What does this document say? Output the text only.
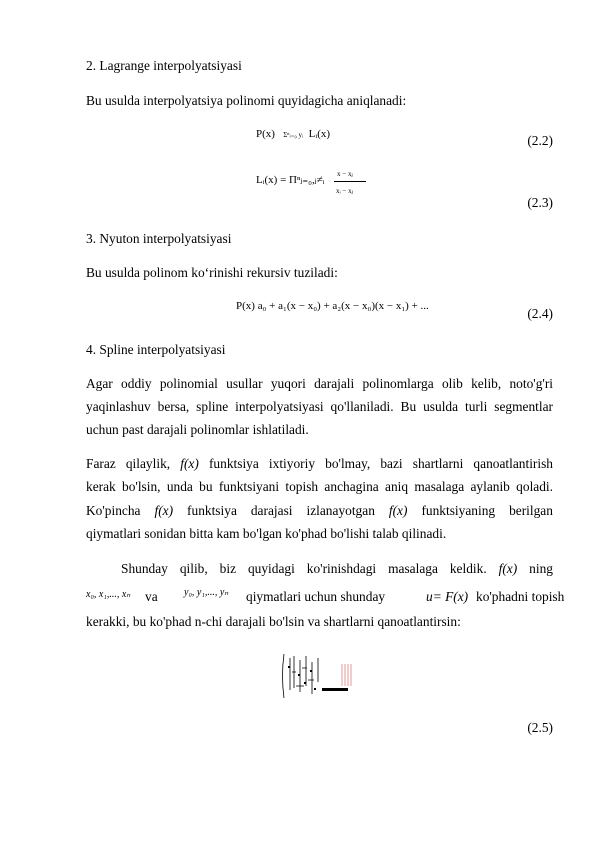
2. Lagrange interpolyatsiyasi
Bu usulda interpolyatsiya polinomi quyidagicha aniqlanadi:
P(x) Σⁿᵢ₌₀ yᵢ Lᵢ(x)	(2.2)
Lᵢ(x) = Πⁿⱼ₌₀,ⱼ≠ᵢ x − xⱼ
xᵢ − xⱼ
(2.3)
3. Nyuton interpolyatsiyasi
Bu usulda polinom ko‘rinishi rekursiv tuziladi:
P(x) a₀ + a₁(x − x₀) + a₂(x − x₀)(x − x₁) + ...	(2.4)
4. Spline interpolyatsiyasi
Agar oddiy polinomial usullar yuqori darajali polinomlarga olib kelib, noto'g'ri
yaqinlashuv bersa, spline interpolyatsiyasi qo'llaniladi. Bu usulda turli segmentlar
uchun past darajali polinomlar ishlatiladi.
Faraz qilaylik, f(x) funktsiya ixtiyoriy bo'lmay, bazi shartlarni qanoatlantirish
kerak bo'lsin, unda bu funktsiyani topish anchagina aniq masalaga aylanib qoladi.
Ko'pincha f(x) funktsiya darajasi izlanayotgan f(x) funktsiyaning berilgan
qiymatlari sonidan bitta kam bo'lgan ko'phad bo'lishi talab qilinadi.
Shunday qilib, biz quyidagi ko'rinishdagi masalaga keldik. f(x) ning
x₀, x₁,..., xₙ va	y₀, y₁,..., yₙ qiymatlari uchun shunday	u= F(x) ko'phadni topish
kerakki, bu ko'phad n-chi darajali bo'lsin va shartlarni qanoatlantirsin:
(2.5)
